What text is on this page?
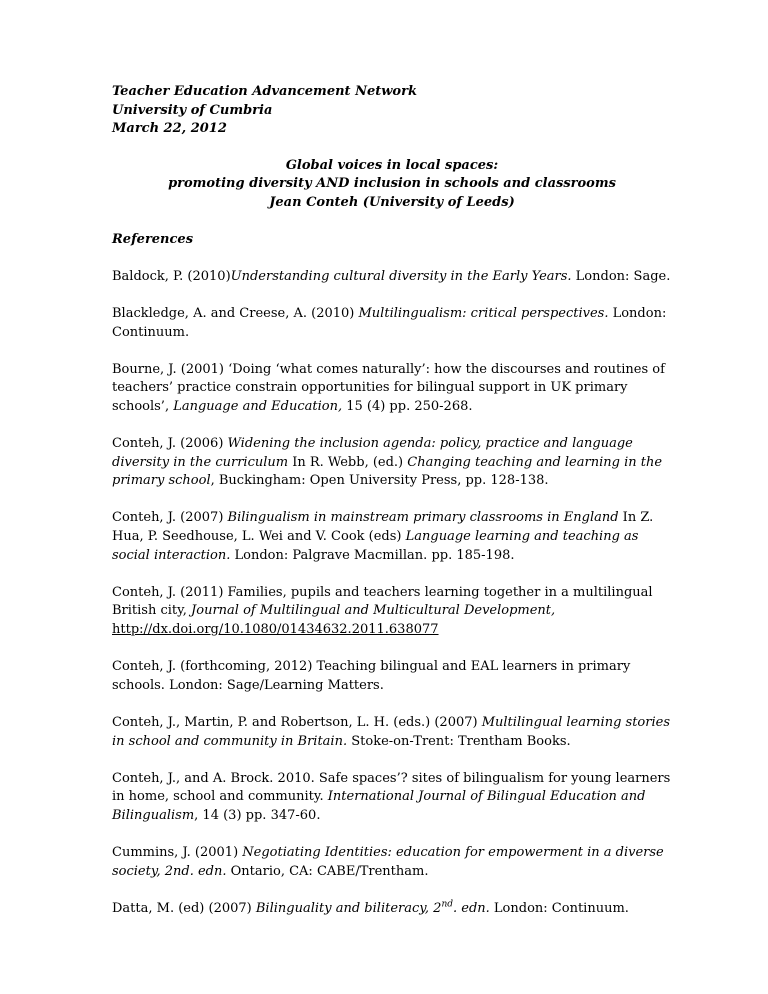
Teacher Education Advancement Network
University of Cumbria
March 22, 2012
Global voices in local spaces:
promoting diversity AND inclusion in schools and classrooms
Jean Conteh (University of Leeds)
References
Baldock, P. (2010)Understanding cultural diversity in the Early Years. London: Sage.
Blackledge, A. and Creese, A. (2010) Multilingualism: critical perspectives. London: Continuum.
Bourne, J. (2001) ‘Doing ‘what comes naturally’: how the discourses and routines of teachers’ practice constrain opportunities for bilingual support in UK primary schools’, Language and Education, 15 (4) pp. 250-268.
Conteh, J. (2006) Widening the inclusion agenda: policy, practice and language diversity in the curriculum In R. Webb, (ed.) Changing teaching and learning in the primary school, Buckingham: Open University Press, pp. 128-138.
Conteh, J. (2007) Bilingualism in mainstream primary classrooms in England In Z. Hua, P. Seedhouse, L. Wei and V. Cook (eds) Language learning and teaching as social interaction. London: Palgrave Macmillan. pp. 185-198.
Conteh, J. (2011) Families, pupils and teachers learning together in a multilingual British city, Journal of Multilingual and Multicultural Development,
http://dx.doi.org/10.1080/01434632.2011.638077
Conteh, J. (forthcoming, 2012) Teaching bilingual and EAL learners in primary schools. London: Sage/Learning Matters.
Conteh, J., Martin, P. and Robertson, L. H. (eds.) (2007) Multilingual learning stories in school and community in Britain. Stoke-on-Trent: Trentham Books.
Conteh, J., and A. Brock. 2010. Safe spaces’? sites of bilingualism for young learners in home, school and community. International Journal of Bilingual Education and Bilingualism, 14 (3) pp. 347-60.
Cummins, J. (2001) Negotiating Identities: education for empowerment in a diverse society, 2nd. edn. Ontario, CA: CABE/Trentham.
Datta, M. (ed) (2007) Bilinguality and biliteracy, 2nd. edn. London: Continuum.
